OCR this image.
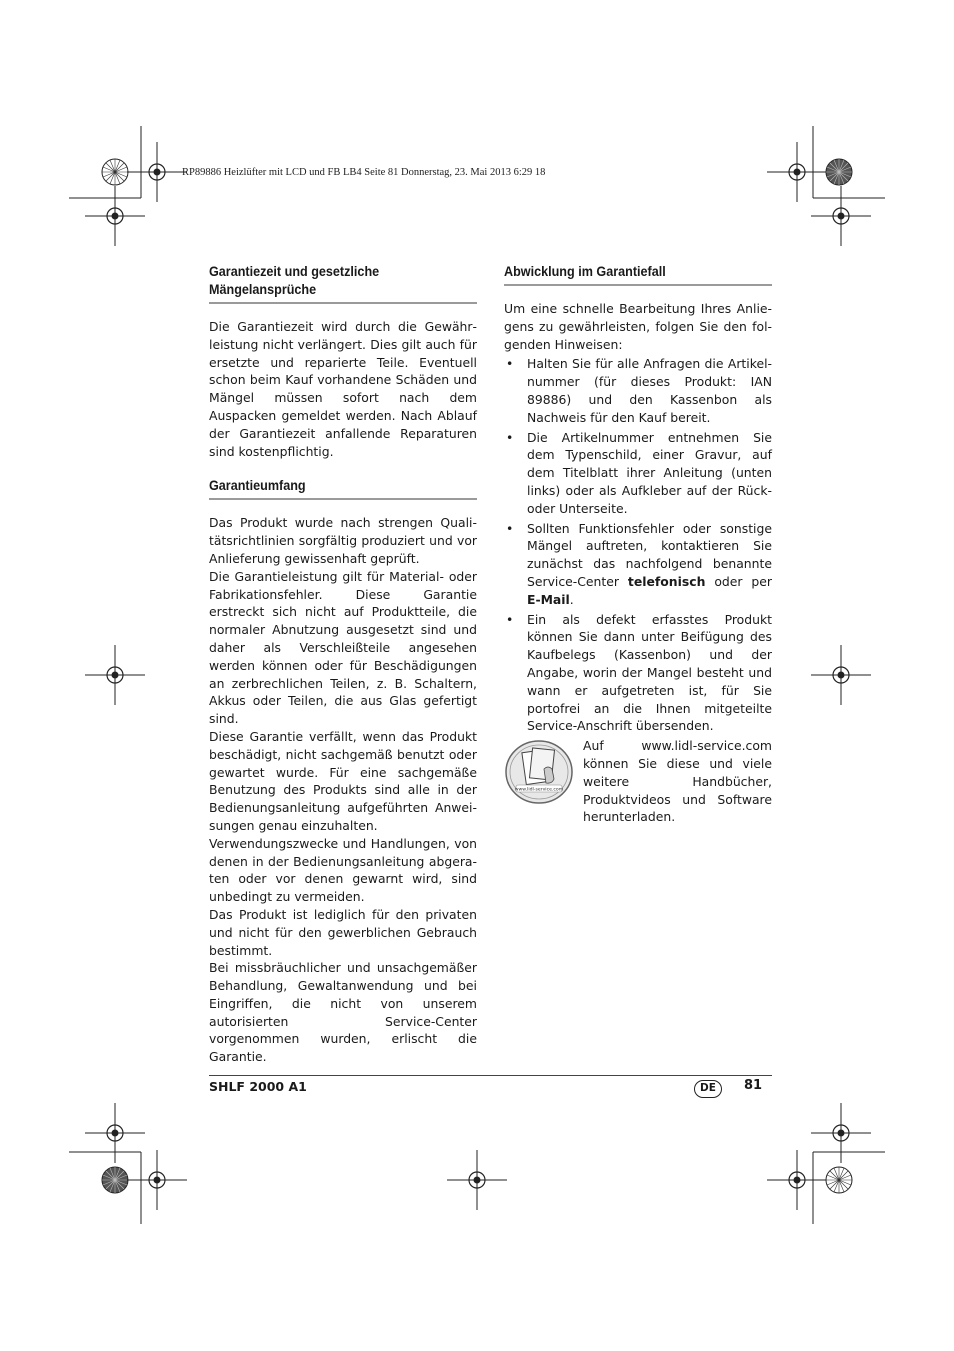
RP89886 Heizlüfter mit LCD und FB LB4 Seite 81 Donnerstag, 23. Mai 2013 6:29 18
Garantiezeit und gesetzliche
Mängelansprüche

Die Garantiezeit wird durch die Gewährleistung nicht verlängert. Dies gilt auch für ersetzte und reparierte Teile. Eventuell schon beim Kauf vorhandene Schäden und Mängel müssen sofort nach dem Auspacken gemeldet werden. Nach Ablauf der Garantiezeit anfallende Reparaturen sind kostenpflichtig.

Garantieumfang

Das Produkt wurde nach strengen Qualitätsrichtlinien sorgfältig produziert und vor Anlieferung gewissenhaft geprüft.

Die Garantieleistung gilt für Material- oder Fabrikationsfehler. Diese Garantie erstreckt sich nicht auf Produktteile, die normaler Abnutzung ausgesetzt sind und daher als Verschleißteile angesehen werden können oder für Beschädigungen an zerbrechlichen Teilen, z. B. Schaltern, Akkus oder Teilen, die aus Glas gefertigt sind.

Diese Garantie verfällt, wenn das Produkt beschädigt, nicht sachgemäß benutzt oder gewartet wurde. Für eine sachgemäße Benutzung des Produkts sind alle in der Bedienungsanleitung aufgeführten Anweisungen genau einzuhalten.

Verwendungszwecke und Handlungen, von denen in der Bedienungsanleitung abgeraten oder vor denen gewarnt wird, sind unbedingt zu vermeiden.

Das Produkt ist lediglich für den privaten und nicht für den gewerblichen Gebrauch bestimmt.

Bei missbräuchlicher und unsachgemäßer Behandlung, Gewaltanwendung und bei Eingriffen, die nicht von unserem autorisierten Service-Center vorgenommen wurden, erlischt die Garantie.

Abwicklung im Garantiefall

Um eine schnelle Bearbeitung Ihres Anliegens zu gewährleisten, folgen Sie den folgenden Hinweisen:

• Halten Sie für alle Anfragen die Artikelnummer (für dieses Produkt: IAN 89886) und den Kassenbon als Nachweis für den Kauf bereit.
• Die Artikelnummer entnehmen Sie dem Typenschild, einer Gravur, auf dem Titelblatt ihrer Anleitung (unten links) oder als Aufkleber auf der Rück- oder Unterseite.
• Sollten Funktionsfehler oder sonstige Mängel auftreten, kontaktieren Sie zunächst das nachfolgend benannte Service-Center telefonisch oder per E-Mail.
• Ein als defekt erfasstes Produkt können Sie dann unter Beifügung des Kaufbelegs (Kassenbon) und der Angabe, worin der Mangel besteht und wann er aufgetreten ist, für Sie portofrei an die Ihnen mitgeteilte Service-Anschrift übersenden.
www.lidl-service.com

Auf www.lidl-service.com können Sie diese und viele weitere Handbücher, Produktvideos und Software herunterladen.

SHLF 2000 A1	DE	81
